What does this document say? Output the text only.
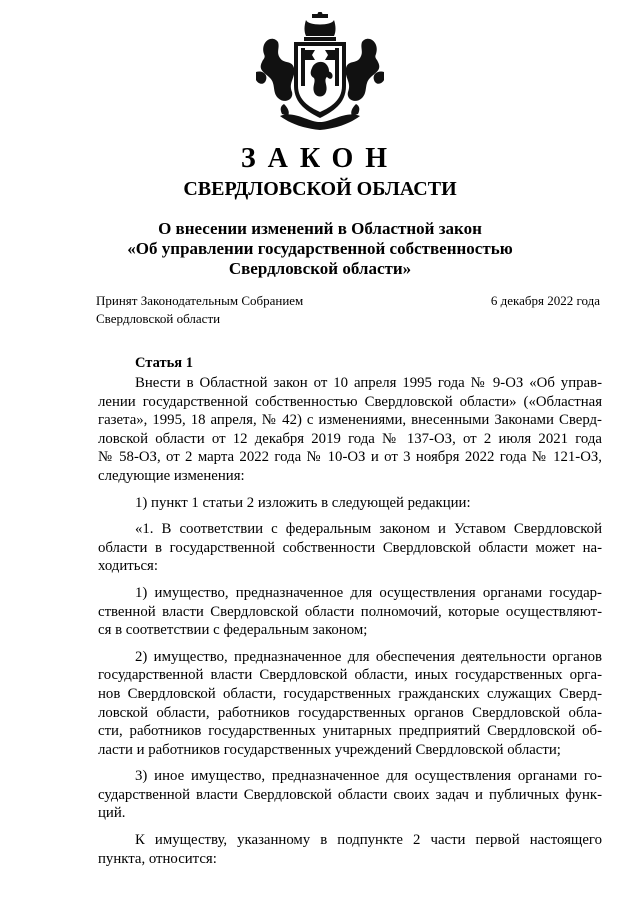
ЗАКОН
СВЕРДЛОВСКОЙ ОБЛАСТИ
О внесении изменений в Областной закон
«Об управлении государственной собственностью
Свердловской области»
Принят Законодательным Собранием
Свердловской области
6 декабря 2022 года
Статья 1
Внести в Областной закон от 10 апреля 1995 года № 9-ОЗ «Об управ-
лении государственной собственностью Свердловской области» («Областная
газета», 1995, 18 апреля, № 42) с изменениями, внесенными Законами Сверд-
ловской области от 12 декабря 2019 года № 137-ОЗ, от 2 июля 2021 года
№ 58-ОЗ, от 2 марта 2022 года № 10-ОЗ и от 3 ноября 2022 года № 121-ОЗ,
следующие изменения:
1) пункт 1 статьи 2 изложить в следующей редакции:
«1. В соответствии с федеральным законом и Уставом Свердловской
области в государственной собственности Свердловской области может на-
ходиться:
1) имущество, предназначенное для осуществления органами государ-
ственной власти Свердловской области полномочий, которые осуществляют-
ся в соответствии с федеральным законом;
2) имущество, предназначенное для обеспечения деятельности органов
государственной власти Свердловской области, иных государственных орга-
нов Свердловской области, государственных гражданских служащих Сверд-
ловской области, работников государственных органов Свердловской обла-
сти, работников государственных унитарных предприятий Свердловской об-
ласти и работников государственных учреждений Свердловской области;
3) иное имущество, предназначенное для осуществления органами го-
сударственной власти Свердловской области своих задач и публичных функ-
ций.
К имуществу, указанному в подпункте 2 части первой настоящего
пункта, относится:
